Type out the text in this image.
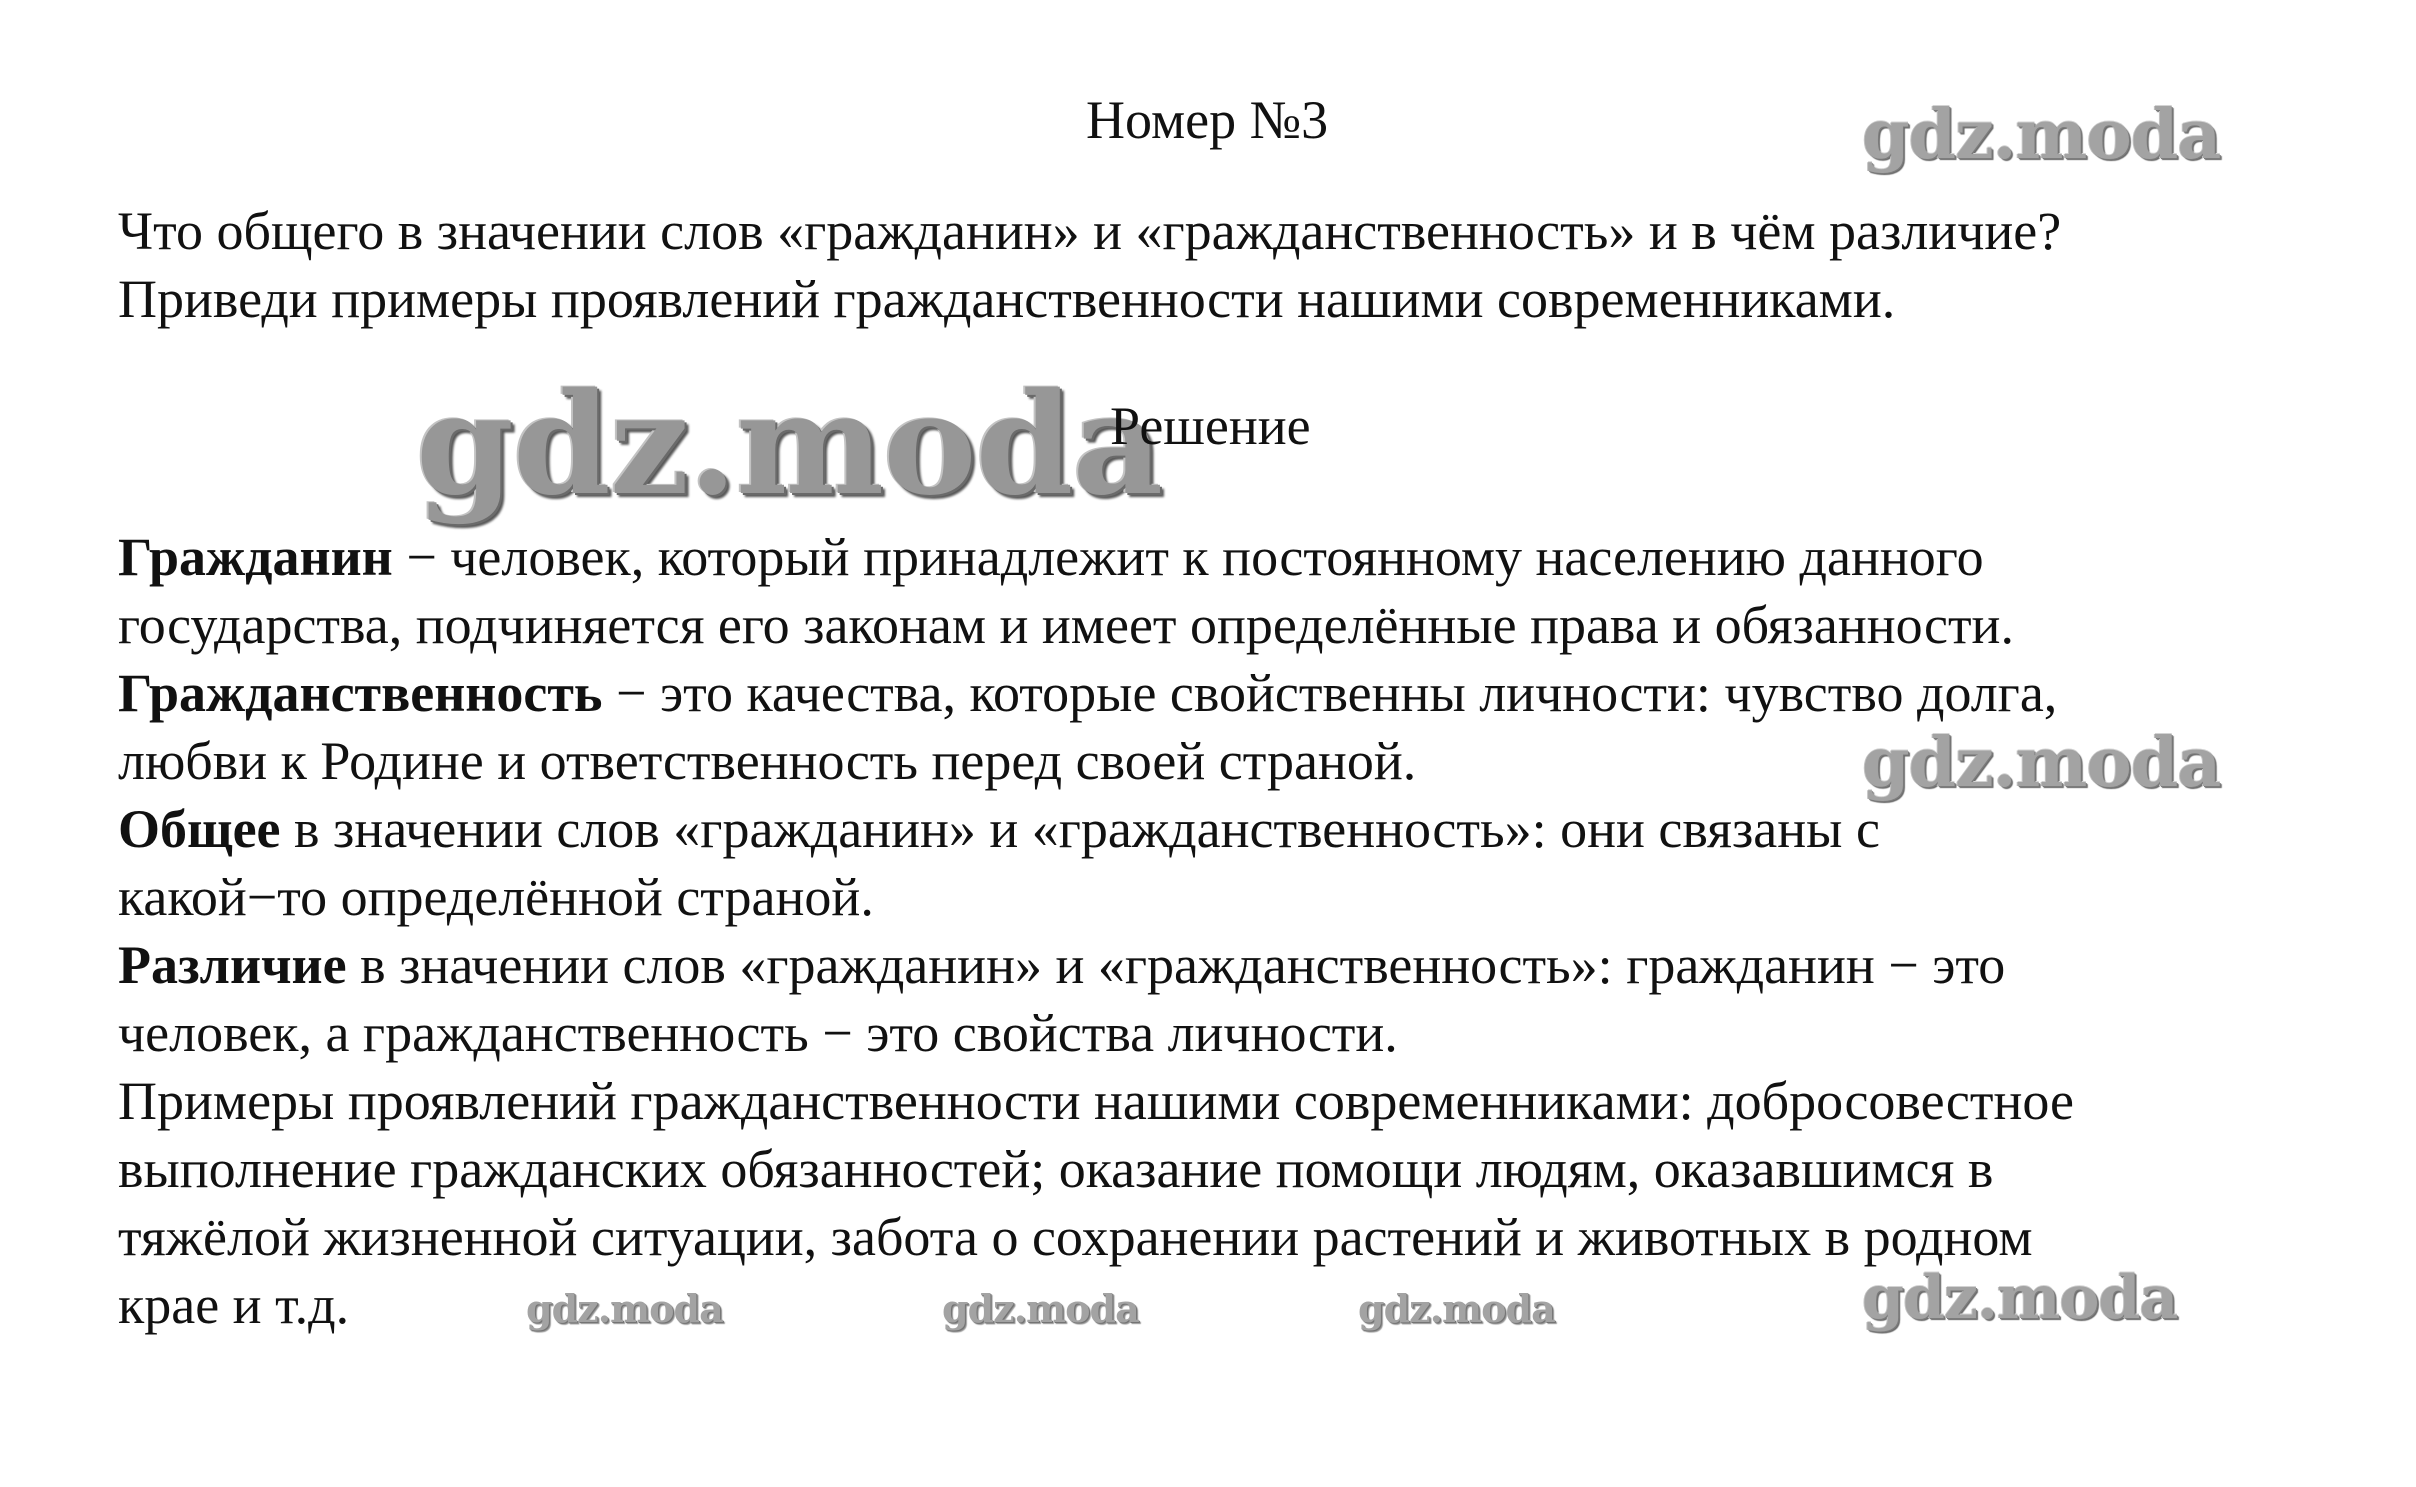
Номер №3	gdz.moda
Что общего в значении слов «гражданин» и «гражданственность» и в чём различие?
Приведи примеры проявлений гражданственности нашими современниками.
gdz.moda
Решение
Гражданин − человек, который принадлежит к постоянному населению данного
государства, подчиняется его законам и имеет определённые права и обязанности.
Гражданственность − это качества, которые свойственны личности: чувство долга,
любви к Родине и ответственность перед своей страной.
Общее в значении слов «гражданин» и «гражданственность»: они связаны с
какой−то определённой страной.
Различие в значении слов «гражданин» и «гражданственность»: гражданин − это
человек, а гражданственность − это свойства личности.
Примеры проявлений гражданственности нашими современниками: добросовестное
выполнение гражданских обязанностей; оказание помощи людям, оказавшимся в
тяжёлой жизненной ситуации, забота о сохранении растений и животных в родном
крае и т.д.
gdz.moda
gdz.moda
gdz.moda	gdz.moda	gdz.moda
